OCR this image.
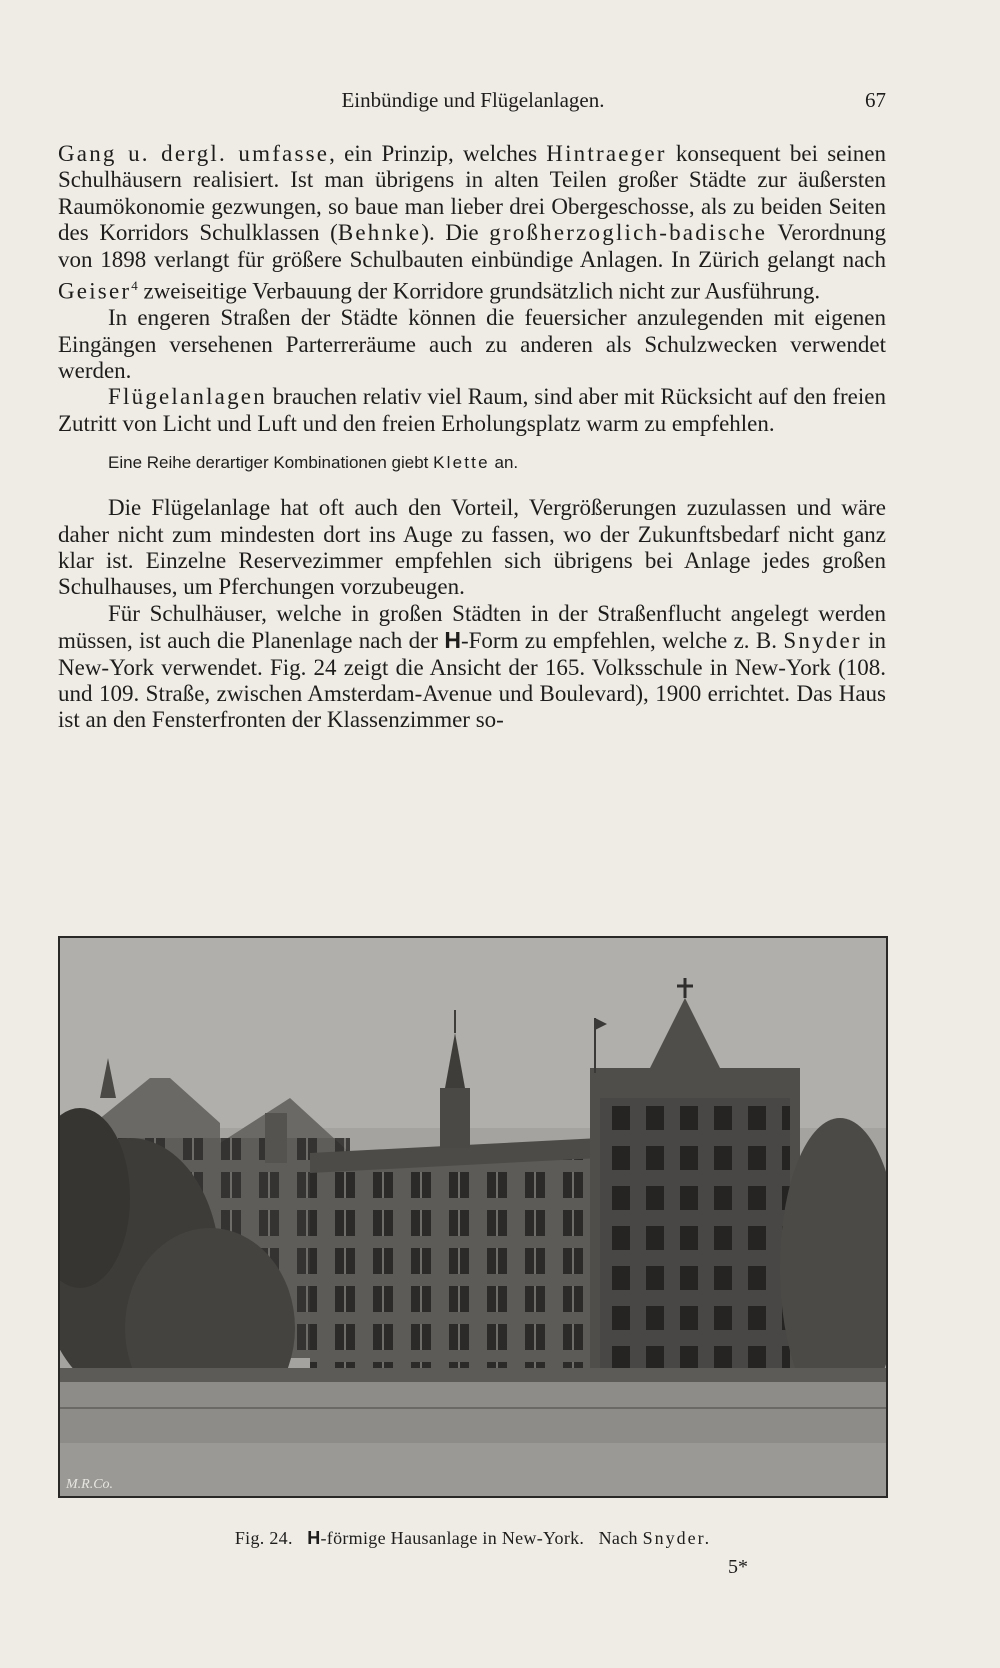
Einbündige und Flügelanlagen.	67

Gang u. dergl. umfasse, ein Prinzip, welches Hintraeger konsequent bei seinen Schulhäusern realisiert. Ist man übrigens in alten Teilen großer Städte zur äußersten Raumökonomie gezwungen, so baue man lieber drei Obergeschosse, als zu beiden Seiten des Korridors Schulklassen (Behnke). Die großherzoglich-badische Verordnung von 1898 verlangt für größere Schulbauten einbündige Anlagen. In Zürich gelangt nach Geiser$^4$ zweiseitige Verbauung der Korridore grundsätzlich nicht zur Ausführung.

In engeren Straßen der Städte können die feuersicher anzulegenden mit eigenen Eingängen versehenen Parterreräume auch zu anderen als Schulzwecken verwendet werden.

Flügelanlagen brauchen relativ viel Raum, sind aber mit Rücksicht auf den freien Zutritt von Licht und Luft und den freien Erholungsplatz warm zu empfehlen.

Eine Reihe derartiger Kombinationen giebt Klette an.

Die Flügelanlage hat oft auch den Vorteil, Vergrößerungen zuzulassen und wäre daher nicht zum mindesten dort ins Auge zu fassen, wo der Zukunftsbedarf nicht ganz klar ist. Einzelne Reservezimmer empfehlen sich übrigens bei Anlage jedes großen Schulhauses, um Pferchungen vorzubeugen.

Für Schulhäuser, welche in großen Städten in der Straßenflucht angelegt werden müssen, ist auch die Planenlage nach der H-Form zu empfehlen, welche z. B. Snyder in New-York verwendet. Fig. 24 zeigt die Ansicht der 165. Volksschule in New-York (108. und 109. Straße, zwischen Amsterdam-Avenue und Boulevard), 1900 errichtet. Das Haus ist an den Fensterfronten der Klassenzimmer so-

M.R.Co.
Fig. 24. H-förmige Hausanlage in New-York. Nach Snyder.
5*
